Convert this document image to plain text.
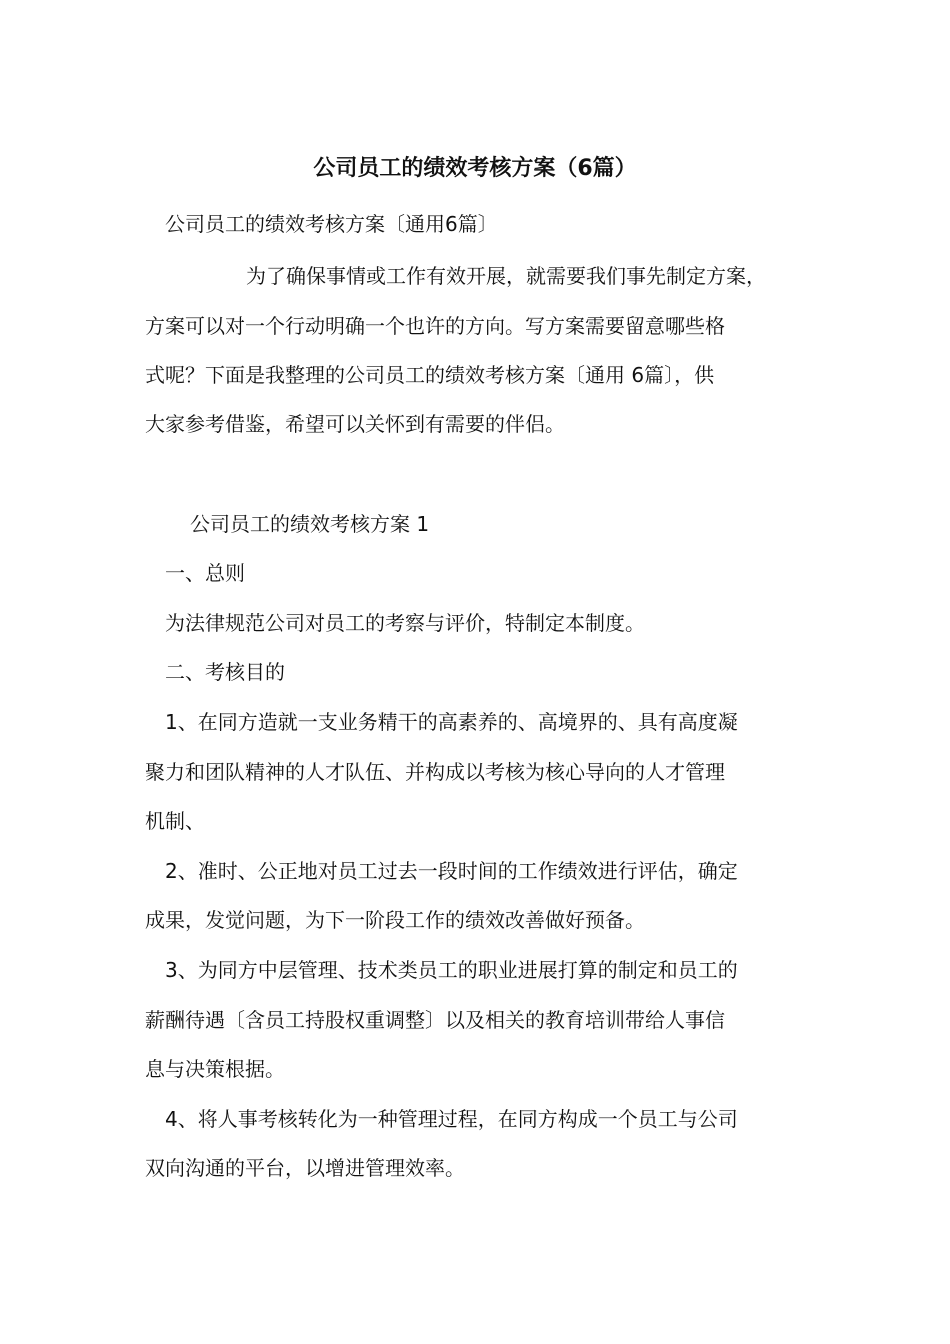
公司员工的绩效考核方案（6篇）
公司员工的绩效考核方案〔通用6篇〕
为了确保事情或工作有效开展，就需要我们事先制定方案，
方案可以对一个行动明确一个也许的方向。写方案需要留意哪些格
式呢？下面是我整理的公司员工的绩效考核方案〔通用 6篇〕，供
大家参考借鉴，希望可以关怀到有需要的伴侣。
公司员工的绩效考核方案 1
一、总则
为法律规范公司对员工的考察与评价，特制定本制度。
二、考核目的
1、在同方造就一支业务精干的高素养的、高境界的、具有高度凝
聚力和团队精神的人才队伍、并构成以考核为核心导向的人才管理
机制、
2、准时、公正地对员工过去一段时间的工作绩效进行评估，确定
成果，发觉问题，为下一阶段工作的绩效改善做好预备。
3、为同方中层管理、技术类员工的职业进展打算的制定和员工的
薪酬待遇〔含员工持股权重调整〕以及相关的教育培训带给人事信
息与决策根据。
4、将人事考核转化为一种管理过程，在同方构成一个员工与公司
双向沟通的平台，以增进管理效率。
